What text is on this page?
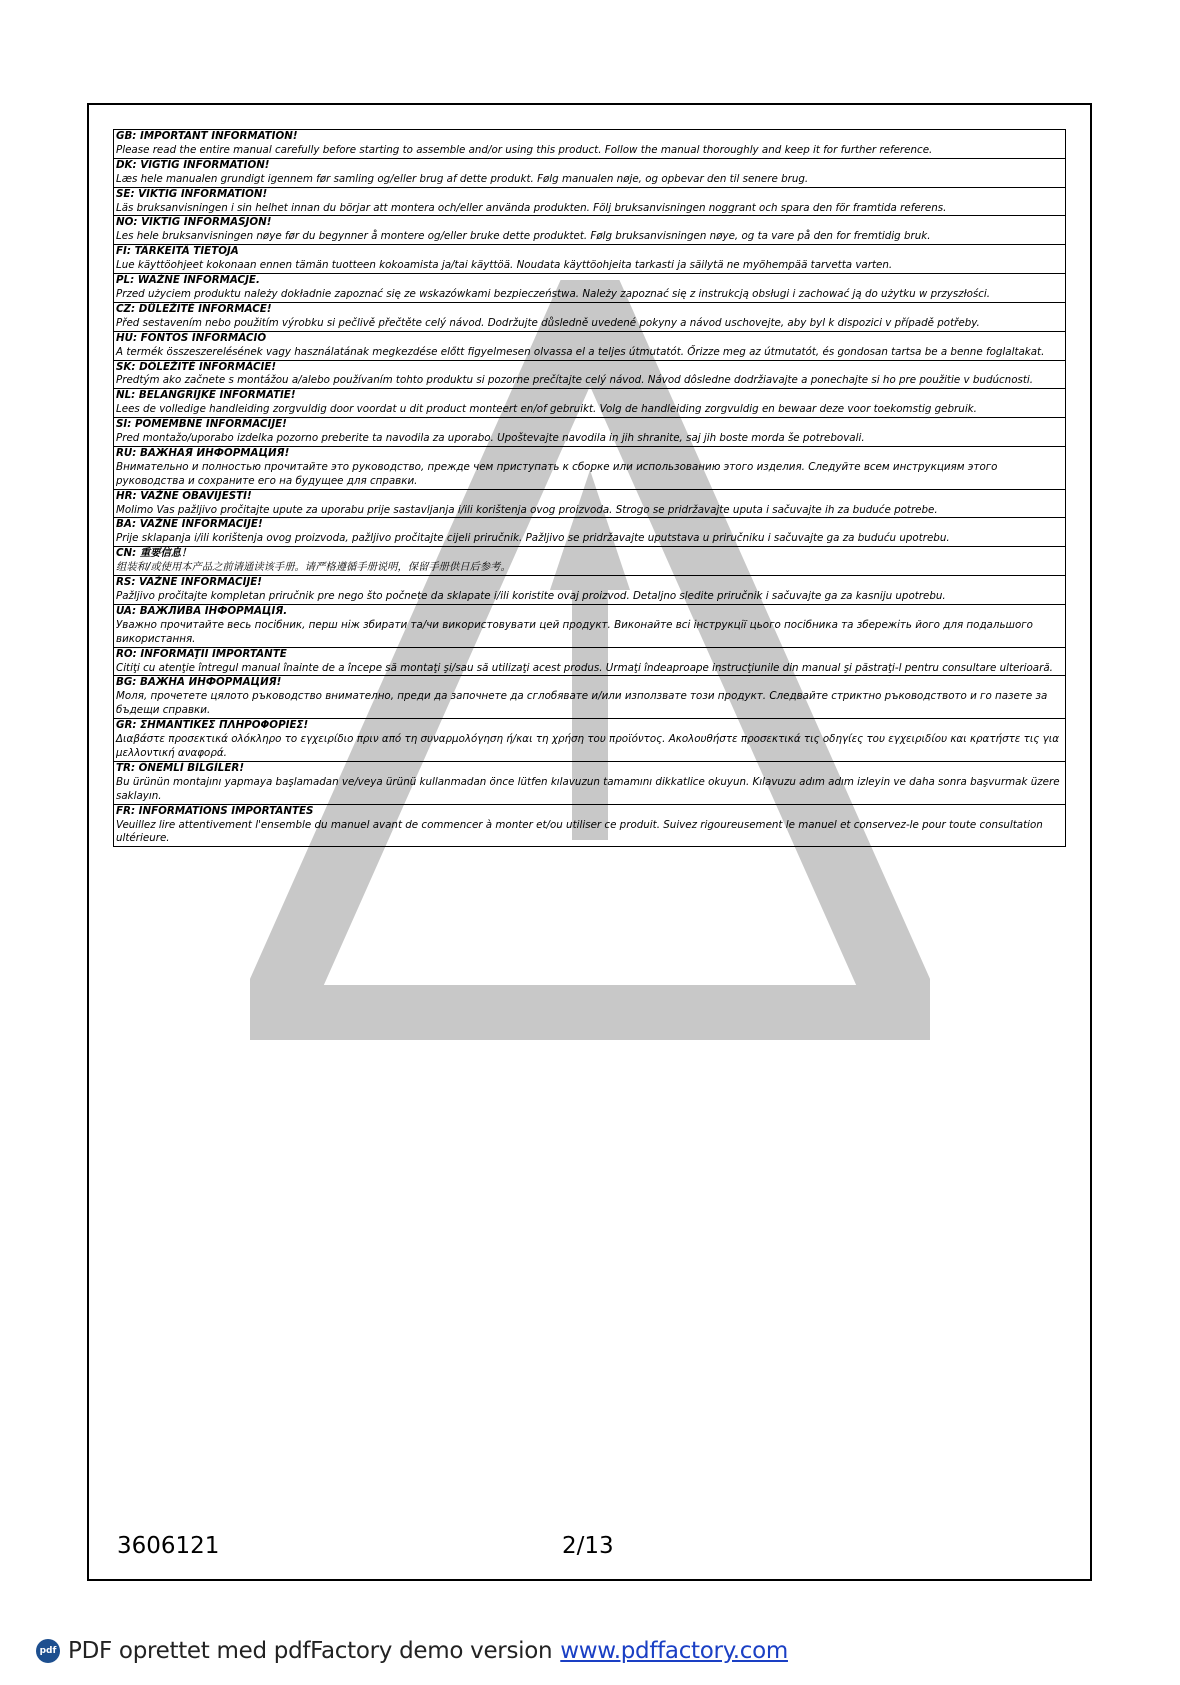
GB: IMPORTANT INFORMATION!
Please read the entire manual carefully before starting to assemble and/or using this product. Follow the manual thoroughly and keep it for further reference.
DK: VIGTIG INFORMATION!
Læs hele manualen grundigt igennem før samling og/eller brug af dette produkt. Følg manualen nøje, og opbevar den til senere brug.
SE: VIKTIG INFORMATION!
Läs bruksanvisningen i sin helhet innan du börjar att montera och/eller använda produkten. Följ bruksanvisningen noggrant och spara den för framtida referens.
NO: VIKTIG INFORMASJON!
Les hele bruksanvisningen nøye før du begynner å montere og/eller bruke dette produktet. Følg bruksanvisningen nøye, og ta vare på den for fremtidig bruk.
FI: TÄRKEITÄ TIETOJA
Lue käyttöohjeet kokonaan ennen tämän tuotteen kokoamista ja/tai käyttöä. Noudata käyttöohjeita tarkasti ja säilytä ne myöhempää tarvetta varten.
PL: WAŻNE INFORMACJE.
Przed użyciem produktu należy dokładnie zapoznać się ze wskazówkami bezpieczeństwa. Należy zapoznać się z instrukcją obsługi i zachować ją do użytku w przyszłości.
CZ: DŮLEŽITÉ INFORMACE!
Před sestavením nebo použitím výrobku si pečlivě přečtěte celý návod. Dodržujte důsledně uvedené pokyny a návod uschovejte, aby byl k dispozici v případě potřeby.
HU: FONTOS INFORMÁCIÓ
A termék összeszerelésének vagy használatának megkezdése előtt figyelmesen olvassa el a teljes útmutatót. Őrizze meg az útmutatót, és gondosan tartsa be a benne foglaltakat.
SK: DÔLEŽITÉ INFORMÁCIE!
Predtým ako začnete s montážou a/alebo používaním tohto produktu si pozorne prečítajte celý návod. Návod dôsledne dodržiavajte a ponechajte si ho pre použitie v budúcnosti.
NL: BELANGRIJKE INFORMATIE!
Lees de volledige handleiding zorgvuldig door voordat u dit product monteert en/of gebruikt. Volg de handleiding zorgvuldig en bewaar deze voor toekomstig gebruik.
SI: POMEMBNE INFORMACIJE!
Pred montažo/uporabo izdelka pozorno preberite ta navodila za uporabo. Upoštevajte navodila in jih shranite, saj jih boste morda še potrebovali.
RU: ВАЖНАЯ ИНФОРМАЦИЯ!
Внимательно и полностью прочитайте это руководство, прежде чем приступать к сборке или использованию этого изделия. Следуйте всем инструкциям этого руководства и сохраните его на будущее для справки.
HR: VAŽNE OBAVIJESTI!
Molimo Vas pažljivo pročitajte upute za uporabu prije sastavljanja i/ili korištenja ovog proizvoda. Strogo se pridržavajte uputa i sačuvajte ih za buduće potrebe.
BA: VAŽNE INFORMACIJE!
Prije sklapanja i/ili korištenja ovog proizvoda, pažljivo pročitajte cijeli priručnik. Pažljivo se pridržavajte uputstava u priručniku i sačuvajte ga za buduću upotrebu.
CN: 重要信息！
组装和/或使用本产品之前请通读该手册。请严格遵循手册说明，保留手册供日后参考。
RS: VAŽNE INFORMACIJE!
Pažljivo pročitajte kompletan priručnik pre nego što počnete da sklapate i/ili koristite ovaj proizvod. Detaljno sledite priručnik i sačuvajte ga za kasniju upotrebu.
UA: ВАЖЛИВА ІНФОРМАЦІЯ.
Уважно прочитайте весь посібник, перш ніж збирати та/чи використовувати цей продукт. Виконайте всі інструкції цього посібника та збережіть його для подальшого використання.
RO: INFORMAŢII IMPORTANTE
Citiţi cu atenţie întregul manual înainte de a începe să montaţi şi/sau să utilizaţi acest produs. Urmaţi îndeaproape instrucţiunile din manual şi păstraţi-l pentru consultare ulterioară.
BG: ВАЖНА ИНФОРМАЦИЯ!
Моля, прочетете цялото ръководство внимателно, преди да започнете да сглобявате и/или използвате този продукт. Следвайте стриктно ръководството и го пазете за бъдещи справки.
GR: ΣΗΜΑΝΤΙΚΕΣ ΠΛΗΡΟΦΟΡΙΕΣ!
Διαβάστε προσεκτικά ολόκληρο το εγχειρίδιο πριν από τη συναρμολόγηση ή/και τη χρήση του προϊόντος. Ακολουθήστε προσεκτικά τις οδηγίες του εγχειριδίου και κρατήστε τις για μελλοντική αναφορά.
TR: ÖNEMLİ BİLGİLER!
Bu ürünün montajını yapmaya başlamadan ve/veya ürünü kullanmadan önce lütfen kılavuzun tamamını dikkatlice okuyun. Kılavuzu adım adım izleyin ve daha sonra başvurmak üzere saklayın.
FR: INFORMATIONS IMPORTANTES
Veuillez lire attentivement l'ensemble du manuel avant de commencer à monter et/ou utiliser ce produit. Suivez rigoureusement le manuel et conservez-le pour toute consultation ultérieure.
3606121	2/13
pdf PDF oprettet med pdfFactory demo version www.pdffactory.com
